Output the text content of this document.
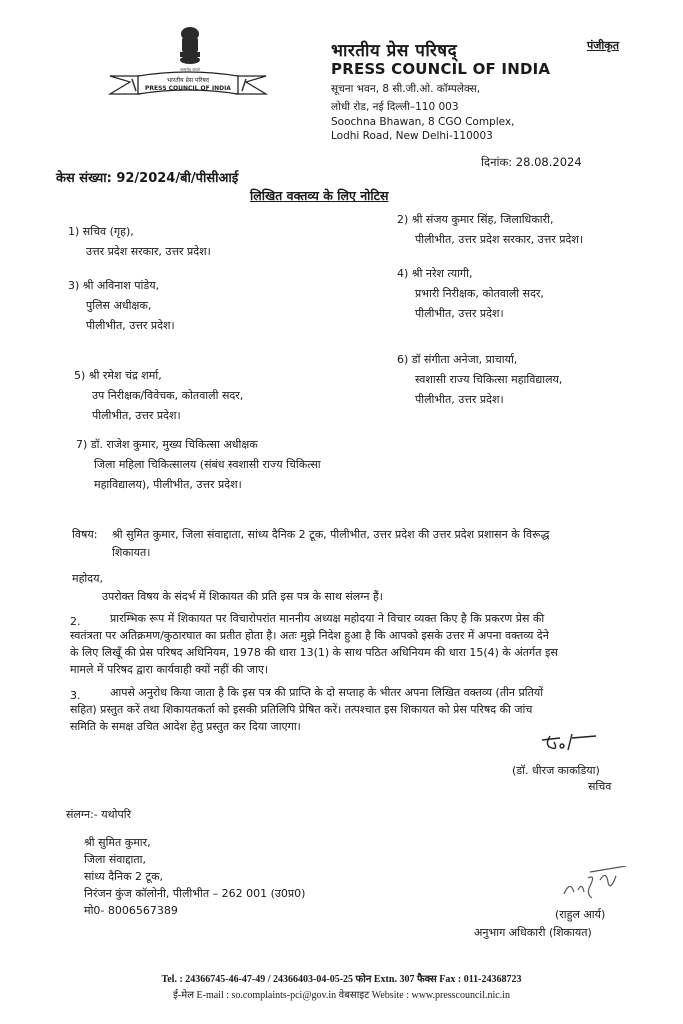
सत्यमेव जयते
भारतीय प्रेस परिषद
PRESS COUNCIL OF INDIA
भारतीय प्रेस परिषद्
PRESS COUNCIL OF INDIA
सूचना भवन, 8 सी.जी.ओ. कॉम्पलेक्स,
लोधी रोड, नई दिल्ली–110 003
Soochna Bhawan, 8 CGO Complex,
Lodhi Road, New Delhi-110003
पंजीकृत
केस संख्या: 92/2024/बी/पीसीआई
दिनांक: 28.08.2024
लिखित वक्तव्य के लिए नोटिस
1) सचिव (गृह),
उत्तर प्रदेश सरकार, उत्तर प्रदेश।
2) श्री संजय कुमार सिंह, जिलाधिकारी,
पीलीभीत, उत्तर प्रदेश सरकार, उत्तर प्रदेश।
3) श्री अविनाश पांडेय,
पुलिस अधीक्षक,
पीलीभीत, उत्तर प्रदेश।
4) श्री नरेश त्यागी,
प्रभारी निरीक्षक, कोतवाली सदर,
पीलीभीत, उत्तर प्रदेश।
5) श्री रमेश चंद्र शर्मा,
उप निरीक्षक/विवेचक, कोतवाली सदर,
पीलीभीत, उत्तर प्रदेश।
6) डॉ संगीता अनेजा, प्राचार्या,
स्वशासी राज्य चिकित्सा महाविद्यालय,
पीलीभीत, उत्तर प्रदेश।
7) डॉ. राजेश कुमार, मुख्य चिकित्सा अधीक्षक
जिला महिला चिकित्सालय (संबंध स्वशासी राज्य चिकित्सा
महाविद्यालय), पीलीभीत, उत्तर प्रदेश।
विषय: श्री सुमित कुमार, जिला संवाद्दाता, सांध्य दैनिक 2 टूक, पीलीभीत, उत्तर प्रदेश की उत्तर प्रदेश प्रशासन के विरूद्ध
शिकायत।
महोदय,
उपरोक्त विषय के संदर्भ में शिकायत की प्रति इस पत्र के साथ संलग्न हैं।
2.	प्रारम्भिक रूप में शिकायत पर विचारोपरांत माननीय अध्यक्ष महोदया ने विचार व्यक्त किए है कि प्रकरण प्रेस की
स्वतंत्रता पर अतिक्रमण/कुठारघात का प्रतीत होता है। अतः मुझे निदेश हुआ है कि आपको इसके उत्तर में अपना वक्तव्य देने
के लिए लिखूँ की प्रेस परिषद अधिनियम, 1978 की धारा 13(1) के साथ पठित अधिनियम की धारा 15(4) के अंतर्गत इस
मामले में परिषद द्वारा कार्यवाही क्यों नहीं की जाए।
3.	आपसे अनुरोध किया जाता है कि इस पत्र की प्राप्ति के दो सप्ताह के भीतर अपना लिखित वक्तव्य (तीन प्रतियों
सहित) प्रस्तुत करें तथा शिकायतकर्ता को इसकी प्रतिलिपि प्रेषित करें। तत्पश्चात इस शिकायत को प्रेस परिषद की जांच
समिति के समक्ष उचित आदेश हेतु प्रस्तुत कर दिया जाएगा।
(डॉ. धीरज काकडिया)
सचिव
संलग्न:- यथोपरि
श्री सुमित कुमार,
जिला संवाद्दाता,
सांध्य दैनिक 2 टूक,
निरंजन कुंज कॉलोनी, पीलीभीत – 262 001 (उ0प्र0)
मो0- 8006567389	(राहुल आर्य)
अनुभाग अधिकारी (शिकायत)
Tel. : 24366745-46-47-49 / 24366403-04-05-25 फोन Extn. 307 फैक्स Fax : 011-24368723
ई-मेल E-mail : so.complaints-pci@gov.in वेबसाइट Website : www.presscouncil.nic.in
